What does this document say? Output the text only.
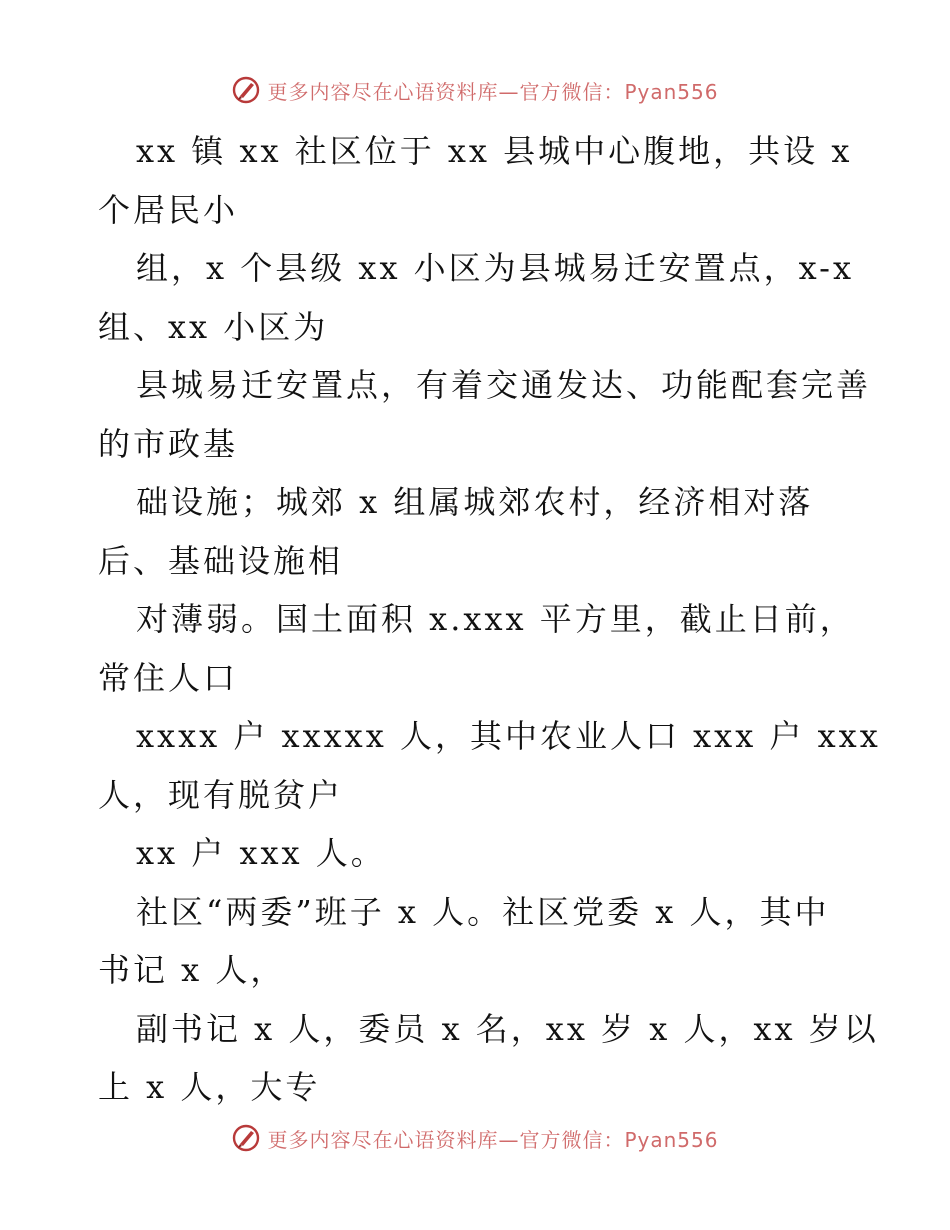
更多内容尽在心语资料库—官方微信：Pyan556
xx 镇 xx 社区位于 xx 县城中心腹地，共设 x
个居民小
组，x 个县级 xx 小区为县城易迁安置点，x-x
组、xx 小区为
县城易迁安置点，有着交通发达、功能配套完善
的市政基
础设施；城郊 x 组属城郊农村，经济相对落
后、基础设施相
对薄弱。国土面积 x.xxx 平方里，截止日前，
常住人口
xxxx 户 xxxxx 人，其中农业人口 xxx 户 xxx
人，现有脱贫户
xx 户 xxx 人。
社区“两委”班子 x 人。社区党委 x 人，其中
书记 x 人，
副书记 x 人，委员 x 名，xx 岁 x 人，xx 岁以
上 x 人，大专
更多内容尽在心语资料库—官方微信：Pyan556
